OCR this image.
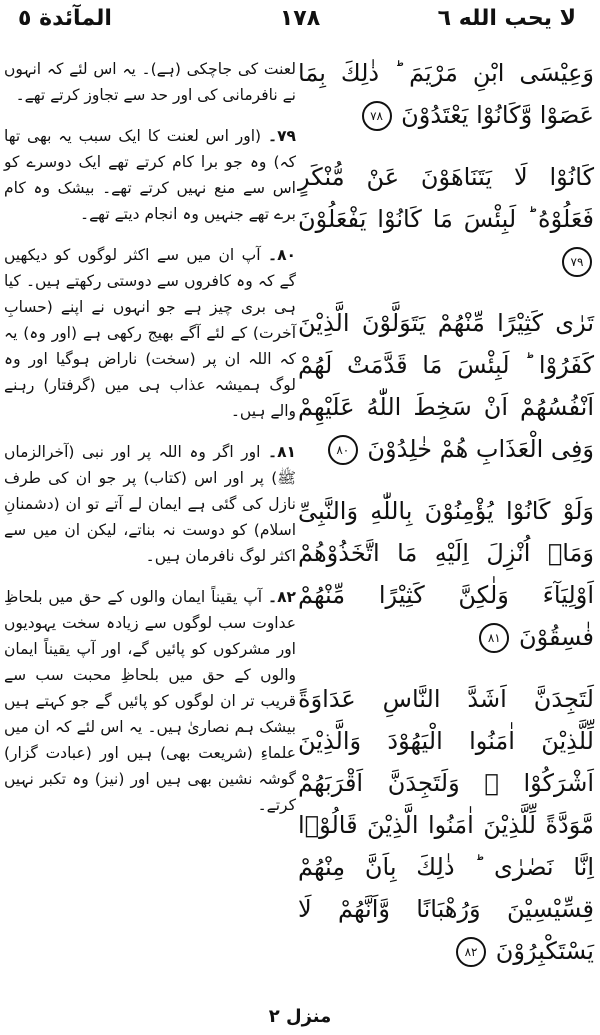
لا يحب الله ٦
١٧٨
المآئدة ٥

وَعِيْسَى ابْنِ مَرْيَمَ ؕ ذٰلِكَ بِمَا عَصَوْا وَّكَانُوْا يَعْتَدُوْنَ ٧٨

كَانُوْا لَا يَتَنَاهَوْنَ عَنْ مُّنْكَرٍ فَعَلُوْهُ ؕ لَبِئْسَ مَا كَانُوْا يَفْعَلُوْنَ ٧٩

تَرٰى كَثِيْرًا مِّنْهُمْ يَتَوَلَّوْنَ الَّذِيْنَ كَفَرُوْا ؕ لَبِئْسَ مَا قَدَّمَتْ لَهُمْ اَنْفُسُهُمْ اَنْ سَخِطَ اللّٰهُ عَلَيْهِمْ وَفِى الْعَذَابِ هُمْ خٰلِدُوْنَ ٨٠

وَلَوْ كَانُوْا يُؤْمِنُوْنَ بِاللّٰهِ وَالنَّبِىِّ وَمَاۤ اُنْزِلَ اِلَيْهِ مَا اتَّخَذُوْهُمْ اَوْلِيَآءَ وَلٰكِنَّ كَثِيْرًا مِّنْهُمْ فٰسِقُوْنَ ٨١

لَتَجِدَنَّ اَشَدَّ النَّاسِ عَدَاوَةً لِّلَّذِيْنَ اٰمَنُوا الْيَهُوْدَ وَالَّذِيْنَ اَشْرَكُوْا ۚ وَلَتَجِدَنَّ اَقْرَبَهُمْ مَّوَدَّةً لِّلَّذِيْنَ اٰمَنُوا الَّذِيْنَ قَالُوْۤا اِنَّا نَصٰرٰى ؕ ذٰلِكَ بِاَنَّ مِنْهُمْ قِسِّيْسِيْنَ وَرُهْبَانًا وَّاَنَّهُمْ لَا يَسْتَكْبِرُوْنَ ٨٢

لعنت کی جاچکی (ہے)۔ یہ اس لئے کہ انہوں نے نافرمانی کی اور حد سے تجاوز کرتے تھے۔

۷۹۔ (اور اس لعنت کا ایک سبب یہ بھی تھا کہ) وہ جو برا کام کرتے تھے ایک دوسرے کو اس سے منع نہیں کرتے تھے۔ بیشک وہ کام برے تھے جنہیں وہ انجام دیتے تھے۔

۸۰۔ آپ ان میں سے اکثر لوگوں کو دیکھیں گے کہ وہ کافروں سے دوستی رکھتے ہیں۔ کیا ہی بری چیز ہے جو انہوں نے اپنے (حسابِ آخرت) کے لئے آگے بھیج رکھی ہے (اور وہ) یہ کہ اللہ ان پر (سخت) ناراض ہوگیا اور وہ لوگ ہمیشہ عذاب ہی میں (گرفتار) رہنے والے ہیں۔

۸۱۔ اور اگر وہ اللہ پر اور نبی (آخرالزماں ﷺ) پر اور اس (کتاب) پر جو ان کی طرف نازل کی گئی ہے ایمان لے آتے تو ان (دشمنانِ اسلام) کو دوست نہ بناتے، لیکن ان میں سے اکثر لوگ نافرمان ہیں۔

۸۲۔ آپ یقیناً ایمان والوں کے حق میں بلحاظِ عداوت سب لوگوں سے زیادہ سخت یہودیوں اور مشرکوں کو پائیں گے، اور آپ یقیناً ایمان والوں کے حق میں بلحاظِ محبت سب سے قریب تر ان لوگوں کو پائیں گے جو کہتے ہیں بیشک ہم نصاریٰ ہیں۔ یہ اس لئے کہ ان میں علماءِ (شریعت بھی) ہیں اور (عبادت گزار) گوشہ نشین بھی ہیں اور (نیز) وہ تکبر نہیں کرتے۔

منزل ٢
